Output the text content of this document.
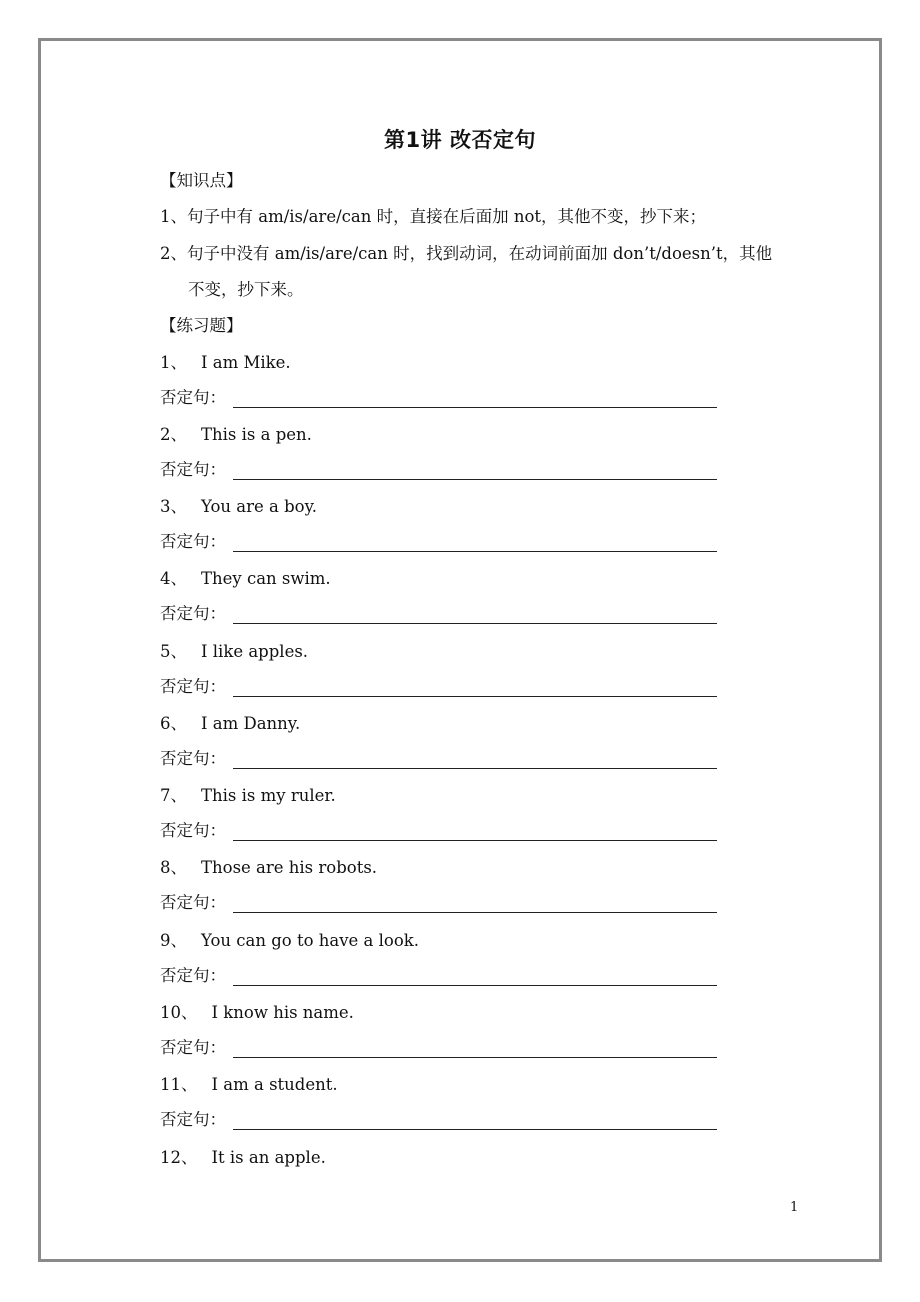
第1讲 改否定句
【知识点】
1、句子中有 am/is/are/can 时，直接在后面加 not，其他不变，抄下来；
2、句子中没有 am/is/are/can 时，找到动词，在动词前面加 don’t/doesn’t，其他
不变，抄下来。
【练习题】
1、 I am Mike.
否定句：
2、 This is a pen.
否定句：
3、 You are a boy.
否定句：
4、 They can swim.
否定句：
5、 I like apples.
否定句：
6、 I am Danny.
否定句：
7、 This is my ruler.
否定句：
8、 Those are his robots.
否定句：
9、 You can go to have a look.
否定句：
10、 I know his name.
否定句：
11、 I am a student.
否定句：
12、 It is an apple.
1
